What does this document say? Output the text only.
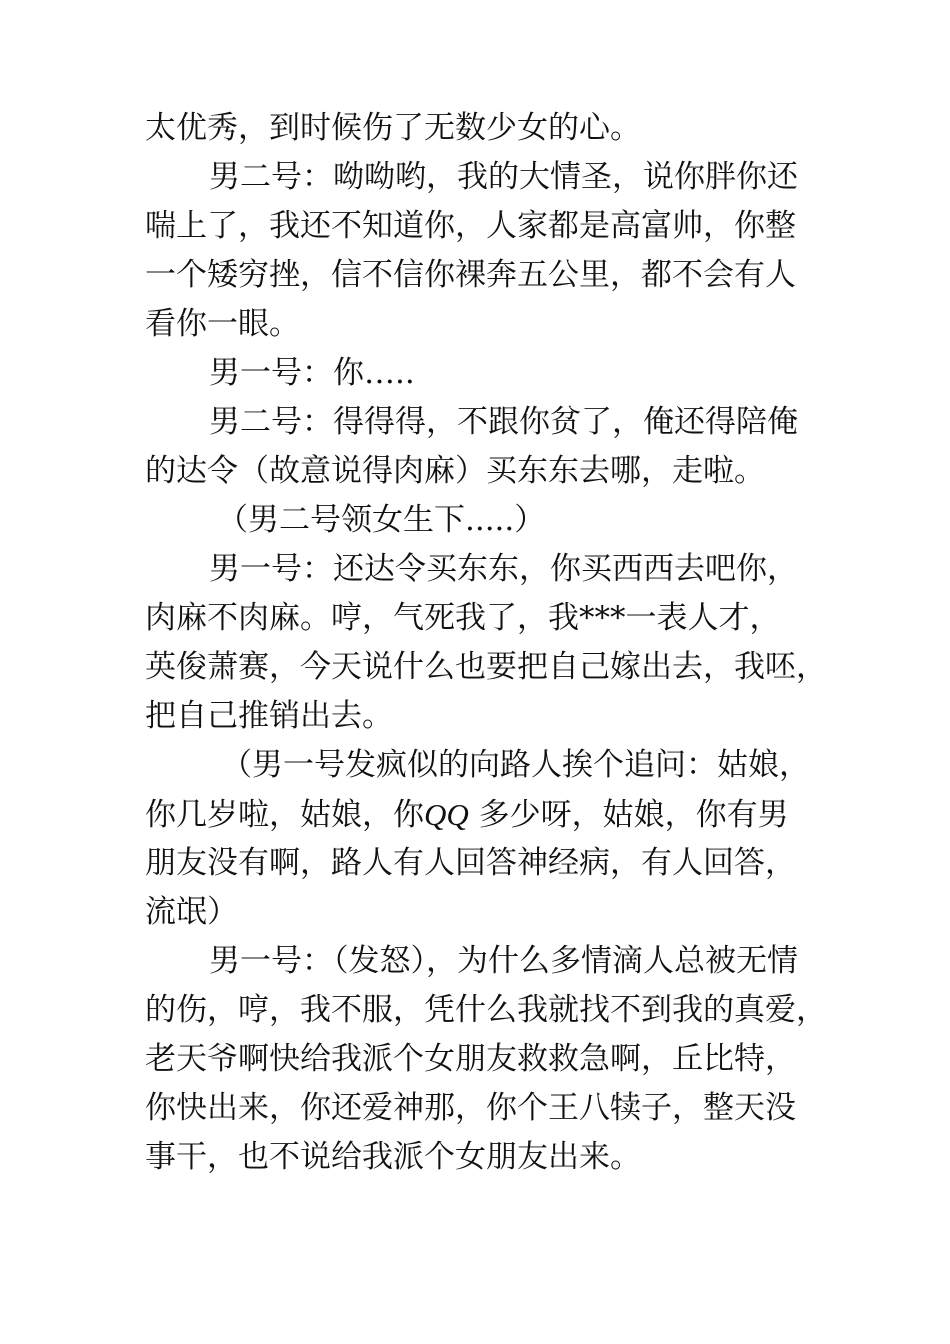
太优秀，到时候伤了无数少女的心。
男二号：呦呦哟，我的大情圣，说你胖你还
喘上了，我还不知道你，人家都是高富帅，你整
一个矮穷挫，信不信你裸奔五公里，都不会有人
看你一眼。
男一号：你…..
男二号：得得得，不跟你贫了，俺还得陪俺
的达令（故意说得肉麻）买东东去哪，走啦。
（男二号领女生下.....）
男一号：还达令买东东，你买西西去吧你，
肉麻不肉麻。哼，气死我了，我***一表人才，
英俊萧赛，今天说什么也要把自己嫁出去，我呸，
把自己推销出去。
（男一号发疯似的向路人挨个追问：姑娘，
你几岁啦，姑娘，你QQ 多少呀，姑娘，你有男
朋友没有啊，路人有人回答神经病，有人回答，
流氓）
男一号：（发怒），为什么多情滴人总被无情
的伤，哼，我不服，凭什么我就找不到我的真爱，
老天爷啊快给我派个女朋友救救急啊，丘比特，
你快出来，你还爱神那，你个王八犊子，整天没
事干，也不说给我派个女朋友出来。
